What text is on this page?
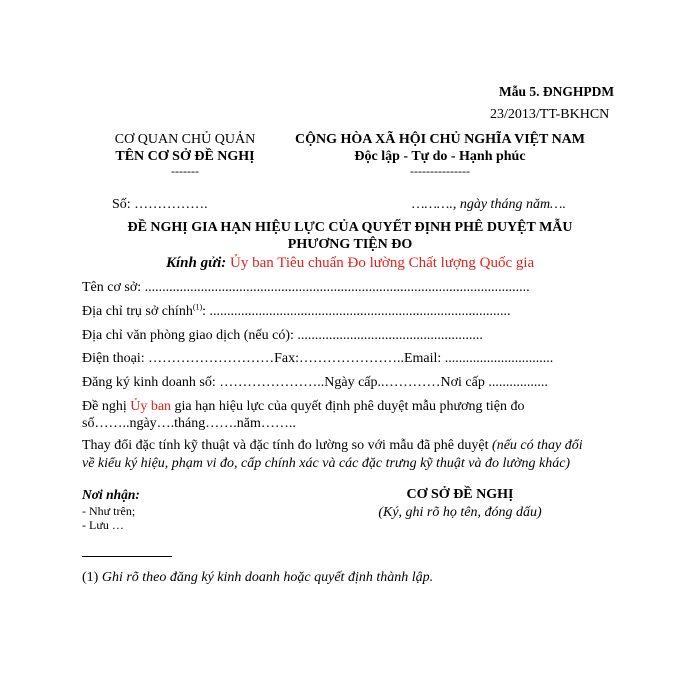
Mẫu 5. ĐNGHPDM
23/2013/TT-BKHCN
CƠ QUAN CHỦ QUẢN
TÊN CƠ SỞ ĐỀ NGHỊ
-------
CỘNG HÒA XÃ HỘI CHỦ NGHĨA VIỆT NAM
Độc lập - Tự do - Hạnh phúc
---------------
Số: …………….	………., ngày tháng năm….
ĐỀ NGHỊ GIA HẠN HIỆU LỰC CỦA QUYẾT ĐỊNH PHÊ DUYỆT MẪU
PHƯƠNG TIỆN ĐO
Kính gửi: Ủy ban Tiêu chuẩn Đo lường Chất lượng Quốc gia
Tên cơ sở: ..............................................................................................................
Địa chỉ trụ sở chính$^{(1)}$: ......................................................................................
Địa chỉ văn phòng giao dịch (nếu có): .....................................................
Điện thoại: ………………………Fax:…………………..Email: ...............................
Đăng ký kinh doanh số: …………………..Ngày cấp..…………Nơi cấp .................
Đề nghị Ủy ban gia hạn hiệu lực của quyết định phê duyệt mẫu phương tiện đo
số……..ngày….tháng…….năm……..
Thay đổi đặc tính kỹ thuật và đặc tính đo lường so với mẫu đã phê duyệt (nếu có thay đổi
về kiểu ký hiệu, phạm vi đo, cấp chính xác và các đặc trưng kỹ thuật và đo lường khác)
Nơi nhận:
- Như trên;
- Lưu …
CƠ SỞ ĐỀ NGHỊ
(Ký, ghi rõ họ tên, đóng dấu)
(1) Ghi rõ theo đăng ký kinh doanh hoặc quyết định thành lập.
